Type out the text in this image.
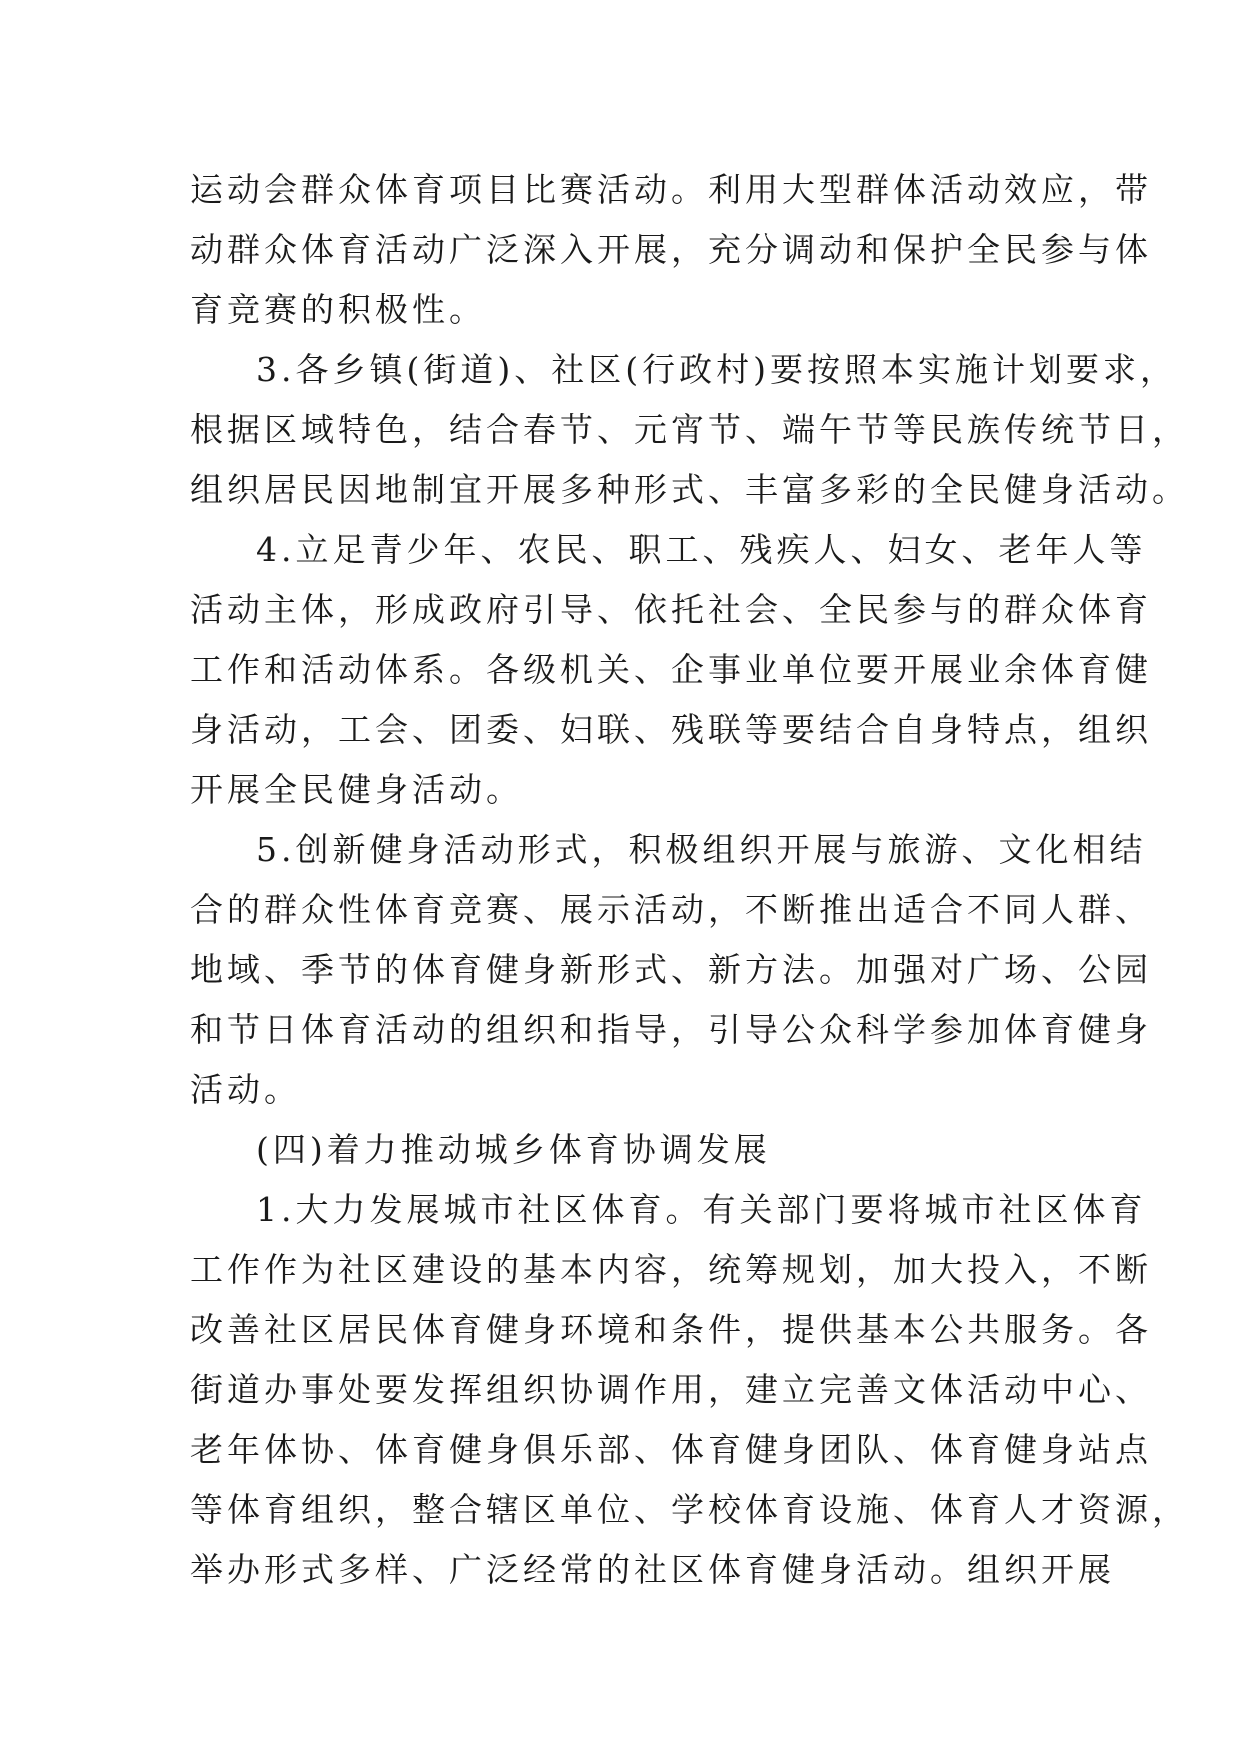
运动会群众体育项目比赛活动。利用大型群体活动效应，带
动群众体育活动广泛深入开展，充分调动和保护全民参与体
育竞赛的积极性。
3.各乡镇(街道)、社区(行政村)要按照本实施计划要求，
根据区域特色，结合春节、元宵节、端午节等民族传统节日，
组织居民因地制宜开展多种形式、丰富多彩的全民健身活动。
4.立足青少年、农民、职工、残疾人、妇女、老年人等
活动主体，形成政府引导、依托社会、全民参与的群众体育
工作和活动体系。各级机关、企事业单位要开展业余体育健
身活动，工会、团委、妇联、残联等要结合自身特点，组织
开展全民健身活动。
5.创新健身活动形式，积极组织开展与旅游、文化相结
合的群众性体育竞赛、展示活动，不断推出适合不同人群、
地域、季节的体育健身新形式、新方法。加强对广场、公园
和节日体育活动的组织和指导，引导公众科学参加体育健身
活动。
(四)着力推动城乡体育协调发展
1.大力发展城市社区体育。有关部门要将城市社区体育
工作作为社区建设的基本内容，统筹规划，加大投入，不断
改善社区居民体育健身环境和条件，提供基本公共服务。各
街道办事处要发挥组织协调作用，建立完善文体活动中心、
老年体协、体育健身俱乐部、体育健身团队、体育健身站点
等体育组织，整合辖区单位、学校体育设施、体育人才资源，
举办形式多样、广泛经常的社区体育健身活动。组织开展
